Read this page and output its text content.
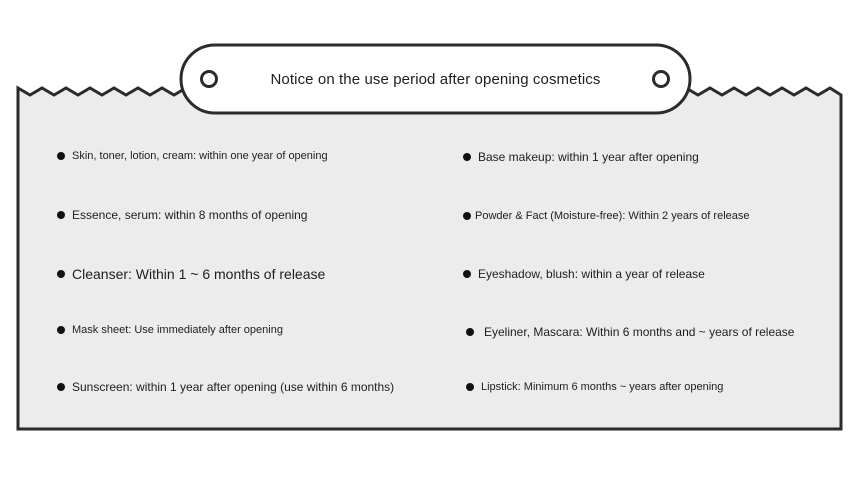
Notice on the use period after opening cosmetics
Skin, toner, lotion, cream: within one year of opening
Essence, serum: within 8 months of opening
Cleanser: Within 1 ~ 6 months of release
Mask sheet: Use immediately after opening
Sunscreen: within 1 year after opening (use within 6 months)
Base makeup: within 1 year after opening
Powder & Fact (Moisture-free): Within 2 years of release
Eyeshadow, blush: within a year of release
Eyeliner, Mascara: Within 6 months and ~ years of release
Lipstick: Minimum 6 months ~ years after opening
